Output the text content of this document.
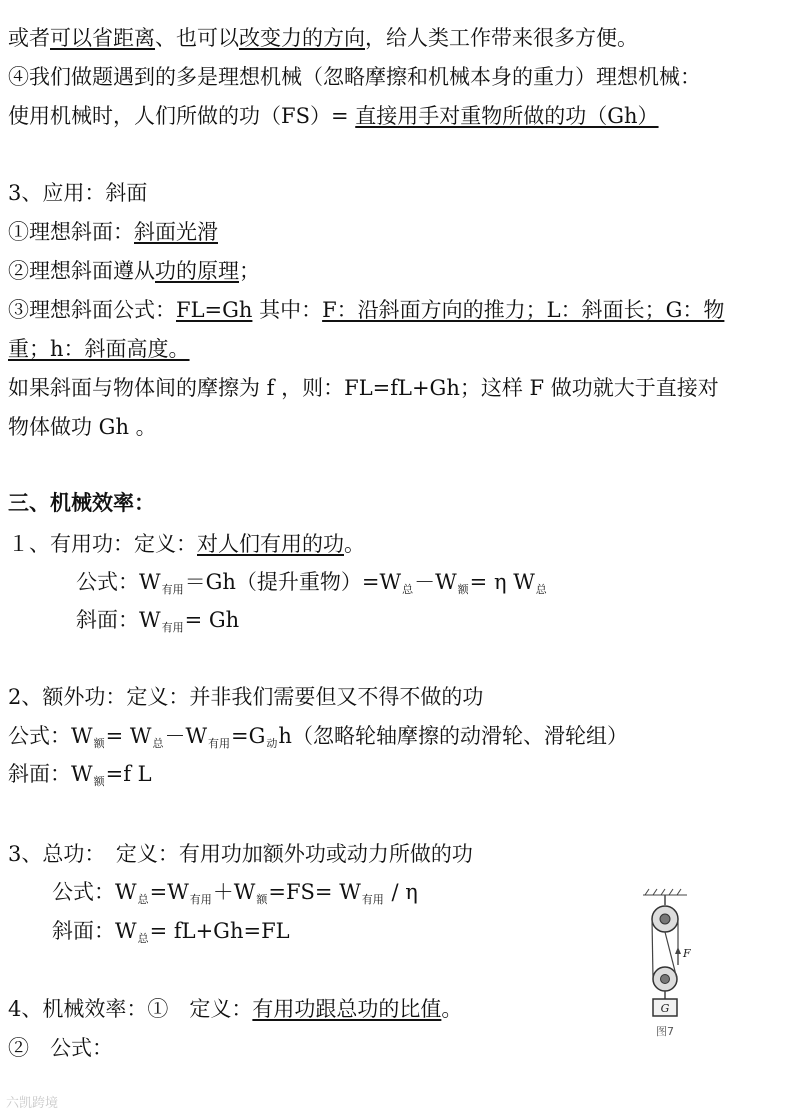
或者可以省距离、也可以改变力的方向，给人类工作带来很多方便。
④我们做题遇到的多是理想机械（忽略摩擦和机械本身的重力）理想机械：
使用机械时，人们所做的功（FS）= 直接用手对重物所做的功（Gh）
3、应用：斜面
①理想斜面：斜面光滑
②理想斜面遵从功的原理；
③理想斜面公式：FL=Gh 其中：F：沿斜面方向的推力；L：斜面长；G：物
重；h：斜面高度。
如果斜面与物体间的摩擦为 f ，则：FL=fL+Gh；这样 F 做功就大于直接对
物体做功 Gh 。
三、机械效率：
１、有用功：定义：对人们有用的功。
公式：$W_{有用}=Gh$（提升重物）$=W_总-W_额= \eta$ $W_总$
斜面：$W_{有用}= Gh$
2、额外功：定义：并非我们需要但又不得不做的功
公式：$W_额= W_总-W_{有用}=G_动h$（忽略轮轴摩擦的动滑轮、滑轮组）
斜面：$W_额=f$ L
3、总功：　定义：有用功加额外功或动力所做的功
公式：$W_总=W_{有用}+W_额=FS= W_{有用} / \eta$
斜面：$W_总= fL+Gh=FL$
4、机械效率：①　定义：有用功跟总功的比值。
②　公式：
G
F
图7
六凯跨境
